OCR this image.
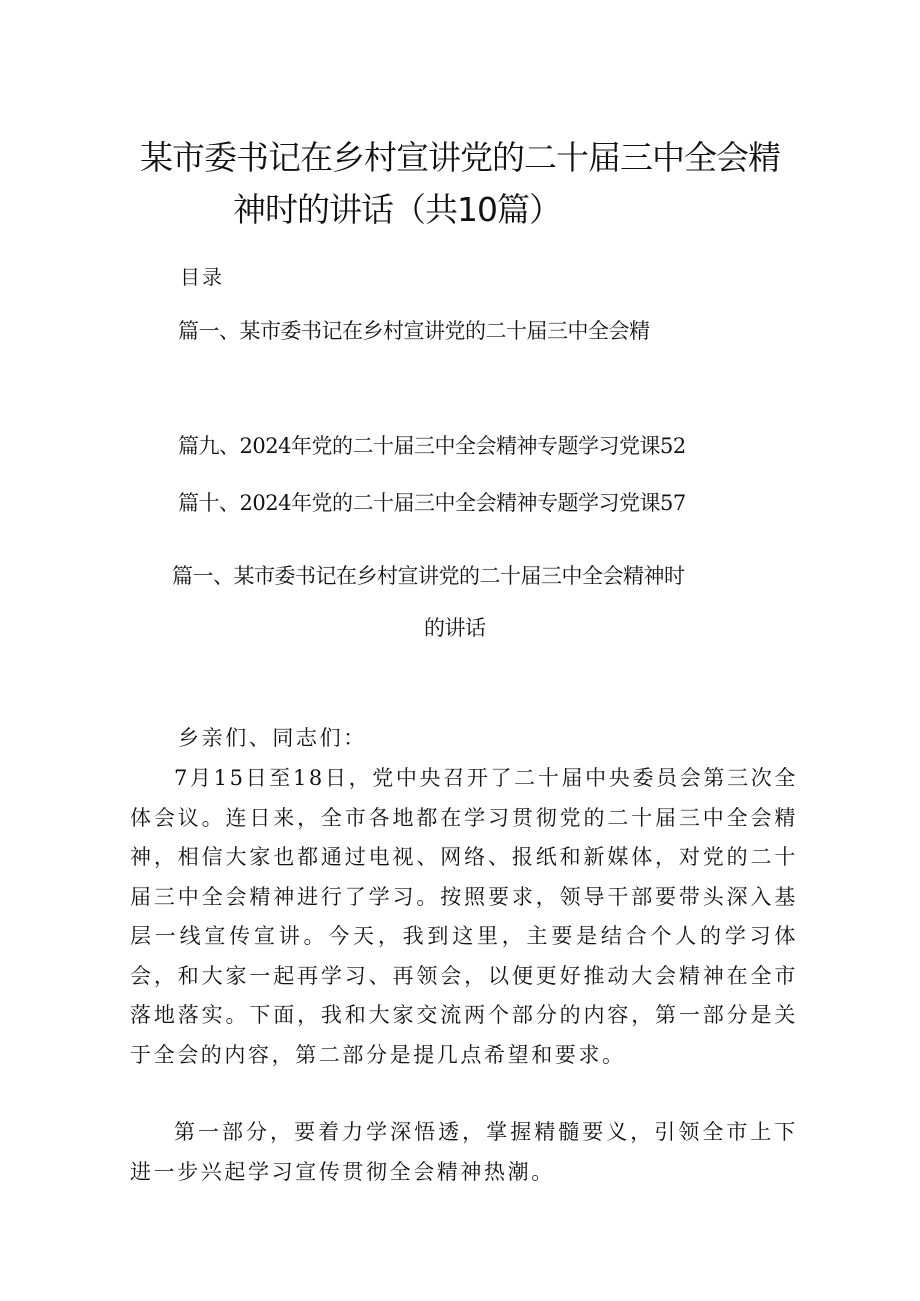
某市委书记在乡村宣讲党的二十届三中全会精
神时的讲话（共10篇）
目录
篇一、某市委书记在乡村宣讲党的二十届三中全会精
篇九、2024年党的二十届三中全会精神专题学习党课52
篇十、2024年党的二十届三中全会精神专题学习党课57
篇一、某市委书记在乡村宣讲党的二十届三中全会精神时
的讲话

乡亲们、同志们：

7月15日至18日，党中央召开了二十届中央委员会第三次全体会议。连日来，全市各地都在学习贯彻党的二十届三中全会精神，相信大家也都通过电视、网络、报纸和新媒体，对党的二十届三中全会精神进行了学习。按照要求，领导干部要带头深入基层一线宣传宣讲。今天，我到这里，主要是结合个人的学习体会，和大家一起再学习、再领会，以便更好推动大会精神在全市落地落实。下面，我和大家交流两个部分的内容，第一部分是关于全会的内容，第二部分是提几点希望和要求。

第一部分，要着力学深悟透，掌握精髓要义，引领全市上下进一步兴起学习宣传贯彻全会精神热潮。
